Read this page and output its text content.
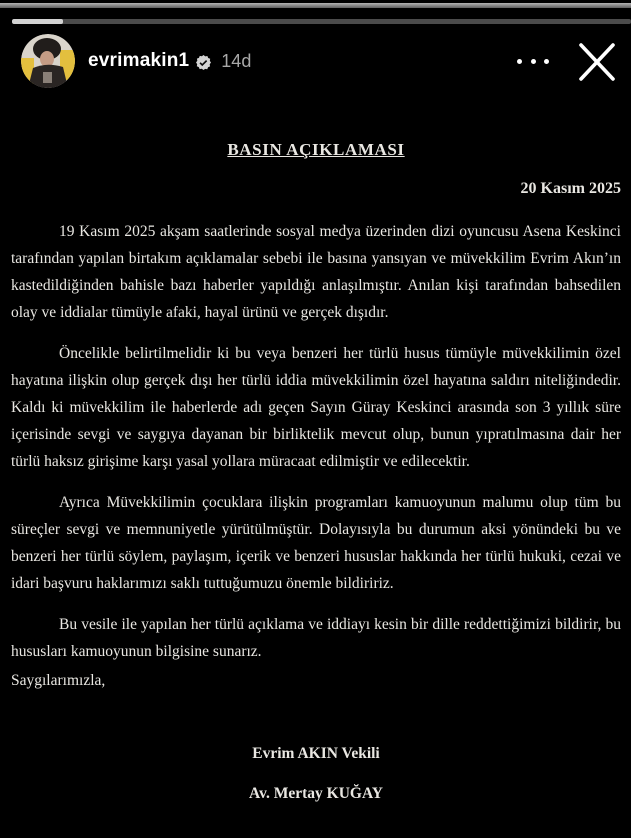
evrimakin1 14d
BASIN AÇIKLAMASI
20 Kasım 2025

19 Kasım 2025 akşam saatlerinde sosyal medya üzerinden dizi oyuncusu Asena Keskinci tarafından yapılan birtakım açıklamalar sebebi ile basına yansıyan ve müvekkilim Evrim Akın’ın kastedildiğinden bahisle bazı haberler yapıldığı anlaşılmıştır. Anılan kişi tarafından bahsedilen olay ve iddialar tümüyle afaki, hayal ürünü ve gerçek dışıdır.

Öncelikle belirtilmelidir ki bu veya benzeri her türlü husus tümüyle müvekkilimin özel hayatına ilişkin olup gerçek dışı her türlü iddia müvekkilimin özel hayatına saldırı niteliğindedir. Kaldı ki müvekkilim ile haberlerde adı geçen Sayın Güray Keskinci arasında son 3 yıllık süre içerisinde sevgi ve saygıya dayanan bir birliktelik mevcut olup, bunun yıpratılmasına dair her türlü haksız girişime karşı yasal yollara müracaat edilmiştir ve edilecektir.

Ayrıca Müvekkilimin çocuklara ilişkin programları kamuoyunun malumu olup tüm bu süreçler sevgi ve memnuniyetle yürütülmüştür. Dolayısıyla bu durumun aksi yönündeki bu ve benzeri her türlü söylem, paylaşım, içerik ve benzeri hususlar hakkında her türlü hukuki, cezai ve idari başvuru haklarımızı saklı tuttuğumuzu önemle bildiririz.

Bu vesile ile yapılan her türlü açıklama ve iddiayı kesin bir dille reddettiğimizi bildirir, bu hususları kamuoyunun bilgisine sunarız.

Saygılarımızla,
Evrim AKIN Vekili
Av. Mertay KUĞAY
